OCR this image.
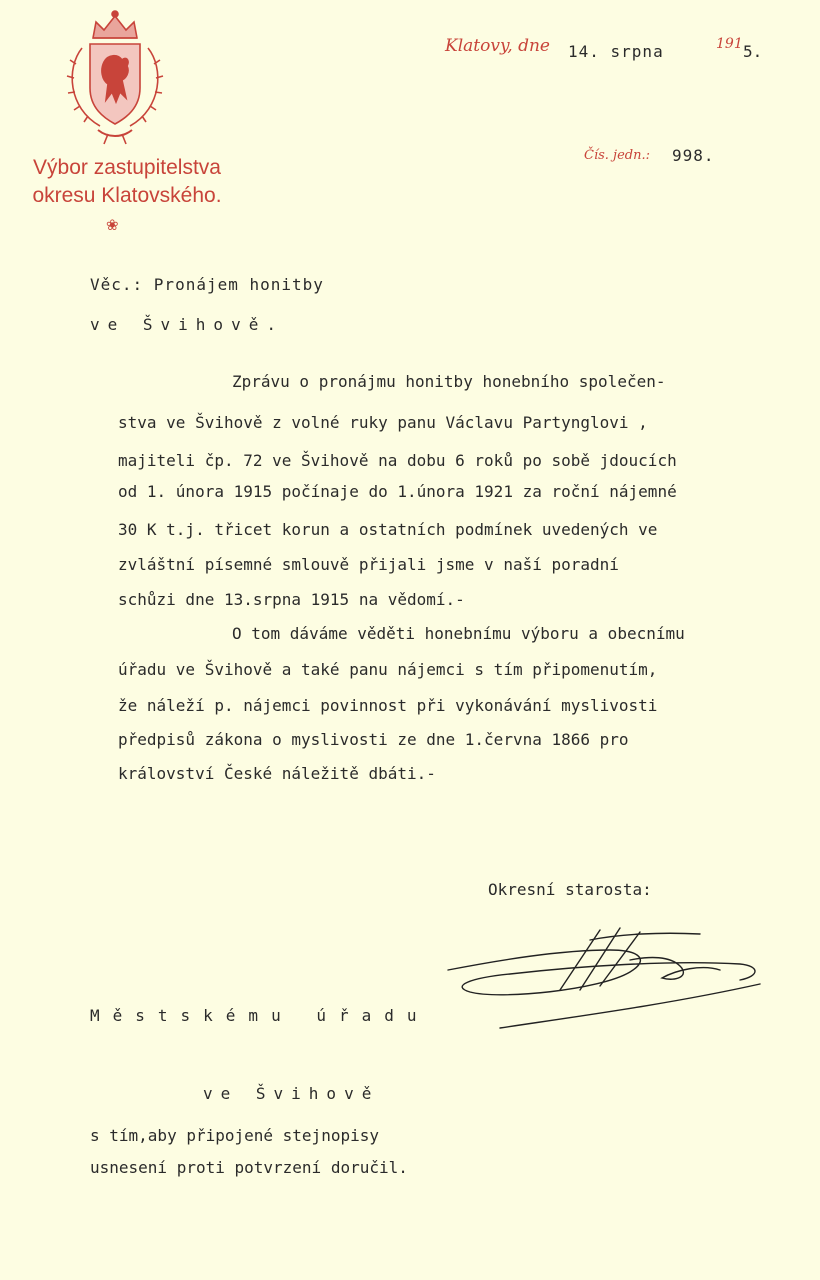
Výbor zastupitelstva
okresu Klatovského.
❀
Klatovy, dne 14. srpna	191 5.
Čís. jedn.: 998.
Věc.: Pronájem honitby
ve Švihově.
Zprávu o pronájmu honitby honebního společen-
stva ve Švihově z volné ruky panu Václavu Partynglovi ,
majiteli čp. 72 ve Švihově na dobu 6 roků po sobě jdoucích
od 1. února 1915 počínaje do 1.února 1921 za roční nájemné
30 K t.j. třicet korun a ostatních podmínek uvedených ve
zvláštní písemné smlouvě přijali jsme v naší poradní
schůzi dne 13.srpna 1915 na vědomí.-
O tom dáváme věděti honebnímu výboru a obecnímu
úřadu ve Švihově a také panu nájemci s tím připomenutím,
že náleží p. nájemci povinnost při vykonávání myslivosti
předpisů zákona o myslivosti ze dne 1.června 1866 pro
království České náležitě dbáti.-
Okresní starosta:
Městskému úřadu
ve Švihově
s tím,aby připojené stejnopisy
usnesení proti potvrzení doručil.
